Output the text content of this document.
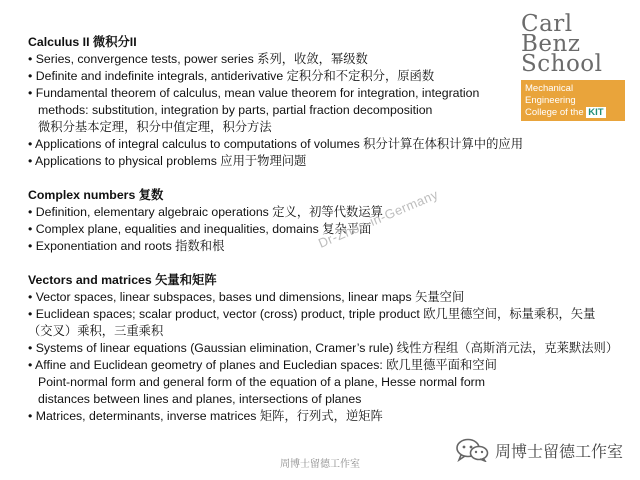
Carl
Benz
School
Mechanical Engineering
College of the KIT

Calculus II 微积分II

• Series, convergence tests, power series 系列，收敛，幂级数

• Definite and indefinite integrals, antiderivative 定积分和不定积分，原函数

• Fundamental theorem of calculus, mean value theorem for integration, integration

methods: substitution, integration by parts, partial fraction decomposition

微积分基本定理，积分中值定理，积分方法

• Applications of integral calculus to computations of volumes 积分计算在体积计算中的应用

• Applications to physical problems 应用于物理问题

Complex numbers 复数

• Definition, elementary algebraic operations 定义，初等代数运算

• Complex plane, equalities and inequalities, domains 复杂平面

• Exponentiation and roots 指数和根

Vectors and matrices 矢量和矩阵

• Vector spaces, linear subspaces, bases und dimensions, linear maps 矢量空间

• Euclidean spaces; scalar product, vector (cross) product, triple product 欧几里德空间，标量乘积，矢量（交叉）乘积，三重乘积

• Systems of linear equations (Gaussian elimination, Cramer’s rule) 线性方程组（高斯消元法，克莱默法则）

• Affine and Euclidean geometry of planes and Eucledian spaces: 欧几里德平面和空间

Point-normal form and general form of the equation of a plane, Hesse normal form

distances between lines and planes, intersections of planes

• Matrices, determinants, inverse matrices 矩阵，行列式，逆矩阵

Dr-Zhou-in-Germany
周博士留德工作室
周博士留德工作室
